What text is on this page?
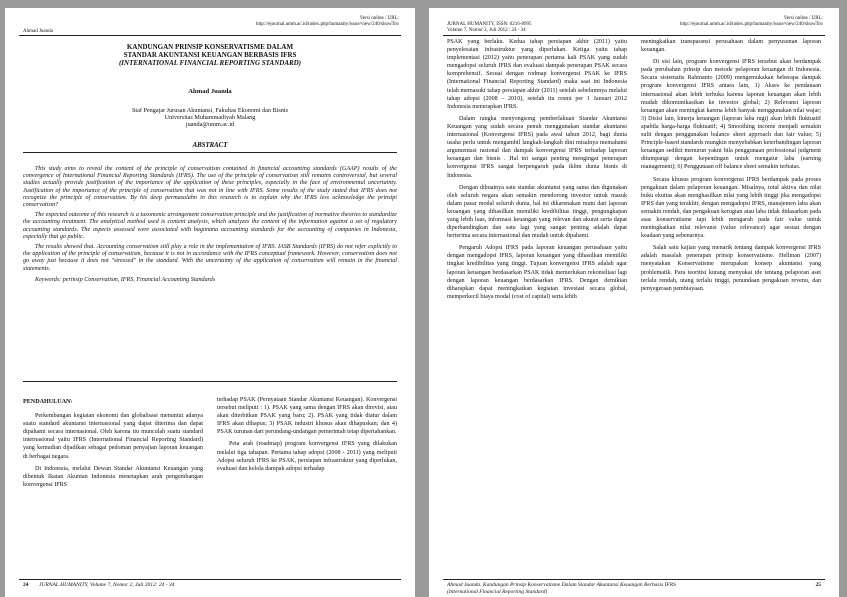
Versi online / URL:
http://ejournal.umm.ac.id/index.php/humanity/issue/view/240/showToc
Ahmad Juanda
KANDUNGAN PRINSIP KONSERVATISME DALAM
STANDAR AKUNTANSI KEUANGAN BERBASIS IFRS
(INTERNATIONAL FINANCIAL REPORTING STANDARD)
Ahmad Juanda
Staf Pengajar Jurusan Akuntansi, Fakultas Ekonomi dan Bisnis
Universitas Muhammadiyah Malang
juanda@umm.ac.id
ABSTRACT

This study aims to reveal the content of the principle of conservatism contained in financial accounting standards (GAAP) results of the convergence of International Financial Reporting Standards (IFRS). The use of the principle of conservatism still remains controversial, but several studies actually provide justification of the importance of the application of these principles, especially in the face of environmental uncertainty. Justification of the importance of the principle of conservatism that was not in line with IFRS. Some results of the study stated that IFRS does not recognize the principle of conservatism. By his deep permasalahn in this research is to explain why the IFRS less acknowledge the prinsipi conservatism?

The expected outcome of this research is a taxonomic arrangement conservatism principle and the justification of normative theories to standardize the accounting treatment. The analytical method used is content analysis, which analyzes the content of the information against a set of regulatory accounting standards. The aspects assessed were associated with bagimana accounting standards for the accounting of companies in Indonesia, especially that go public.

The results showed that. Accounting conservatism still play a role in the implementation of IFRS. IASB Standards (IFRS) do not refer explicitly to the application of the principle of conservatism, because it is not in accordance with the IFRS conceptual framework. However, conservatism does not go away just because it does not "stressed" in the standard. With the uncertainty of the application of conservatism will remain in the financial statements.

Keywords: perinsip Conservatism, IFRS, Financial Accounting Standards

PENDAHULUAN\

Perkembangan kegiatan ekonomi dan globalisasi menuntut adanya suatu standard akuntansi internasional yang dapat diterima dan dapat dipahami secara internasional. Oleh karena itu munculah suatu standard internasional yaitu IFRS (International Financial Reporting Standard) yang kemudian dijadikan sebagai pedoman penyajian laporan keuangan di berbagai negara.

Di Indonesia, melalui Dewan Standar Akuntansi Keuangan yang dibentuk Ikatan Akuntan Indonesia menetapkan arah pengembangan konvergensi IFRS

terhadap PSAK (Pernyataan Standar Akuntansi Keuangan). Konvergensi tersebut meliputi : 1). PSAK yang sama dengan IFRS akan direvisi, atau akan diterbitkan PSAK yang baru; 2). PSAK yang tidak diatur dalam IFRS akan dihapus; 3) PSAK industri khusus akan dihapuskan; dan 4) PSAK turunan dari perundang-undangan pemerintah tetap dipertahankan.

Peta arah (roadmap) program konvergensi IFRS yang dilakukan melalui tiga tahapan. Pertama tahap adopsi (2008 - 2011) yang meliputi Adopsi seluruh IFRS ke PSAK, persiapan infrastruktur yang diperlukan, evaluasi dan kelola dampak adopsi terhadap

24 JURNAL HUMANITY, Volume 7, Nomor 2, Juli 2012: 24 - 34
JURNAL HUMANITY, ISSN: 0216-8995
Volume 7, Nomor 2, Juli 2012 : 24 - 34
Versi online / URL:
http://ejournal.umm.ac.id/index.php/humanity/issue/view/240/showToc

PSAK yang berlaku. Kedua tahap persiapan akhir (2011) yaitu penyelesaian infrastruktur yang diperlukan. Ketiga yaitu tahap implementasi (2012) yaitu penerapan pertama kali PSAK yang sudah mengadopsi seluruh IFRS dan evaluasi dampak penerapan PSAK secara komprehensif. Sesuai dengan rodmap konvergensi PSAK ke IFRS (International Financial Reporting Standard) maka saat ini Indonesia telah memasuki tahap persiapan akhir (2011) setelah sebelumnya melalui tahap adopsi (2008 – 2010), setelah itu resmi per 1 Januari 2012 Indonesia menerapkan IFRS.

Dalam rangka menyongsong pemberlakuan Standar Akuntansi Keuangan yang sudah secara penuh menggunakan standar akuntansi internasional (Konvergensi IFRS) pada awal tahun 2012, bagi dunia usaha perlu untuk mengambil langkah-langkah dini misalnya memahami argumentasi rasional dan dampak konvergensi IFRS terhadap laporan keuangan dan bisnis . Hal ini sangat penting mengingat penerapan konvergensi IFRS sangat berpengaruh pada iklim dunia bisnis di Indonesia.

Dengan dibuatnya satu standar akuntansi yang sama dan digunakan oleh seluruh negara akan semakin mendorong investor untuk masuk dalam pasar modal seluruh dunia, hal ini dikarenakan mutu dari laporan keuangan yang dihasilkan memiliki kredibilitas tinggi, pengungkapan yang lebih luas, informasi keuangan yang relevan dan akurat serta dapat diperbandingkan dan satu lagi yang sangat penting adalah dapat berterima secara internasional dan mudah untuk dipahami.

Pengaruh Adopsi IFRS pada laporan keuangan perusahaan yaitu dengan mengadopsi IFRS, laporan keuangan yang dihasilkan memiliki tingkat kredibilitas yang tinggi. Tujuan konvergensi IFRS adalah agar laporan keuangan berdasarkan PSAK tidak memerlukan rekonsiliasi lagi dengan laporan keuangan berdasarkan IFRS. Dengan demikian diharapkan dapat meningkatkan kegiatan investasi secara global, memperkecil biaya modal (cost of capital) serta lebih

meningkatkan transparansi perusahaan dalam penyusunan laporan keuangan.

Di sisi lain, program konvergensi IFRS tersebut akan berdampak pada perubahan prinsip dan metode pelaporan keuangan di Indonesia. Secara sistematis Rahmanto (2009) mengemukakan beberapa dampak program konvergensi IFRS antara lain, 1) Akses ke pendanaan internasional akan lebih terbuka karena laporan keuangan akan lebih mudah dikomunikasikan ke investor global; 2) Relevansi laporan keuangan akan meningkat karena lebih banyak menggunakan nilai wajar; 3) Disisi lain, kinerja keuangan (laporan laba rugi) akan lebih fluktuatif apabila harga-harga fluktuatif; 4) Smoothing income menjadi semakin sulit dengan penggunakan balance sheet approach dan fair value; 5) Principle-based standards mungkin menyebabkan keterbandingan laporan keuangan sedikit menurun yakni bila penggunaan professional judgment ditumpangi dengan kepentingan untuk mengatur laba (earning management); 6) Penggunaan off balance sheet semakin terbatas.

Secara khusus program konvergensi IFRS berdampak pada proses pengakuan dalam pelaporan keuangan. Misalnya, total aktiva dan nilai buku ekuitas akan menghasilkan nilai yang lebih tinggi jika mengadopsi IFRS dan yang terakhir, dengan mengadopsi IFRS, manajemen laba akan semakin rendah, dan pengakuan kerugian atau laba tidak didasarkan pada asas konservatisme tapi lebih mengarah pada fair value untuk meningkatkan nilai relevansi (value relevance) agar sesuai dengan keadaan yang sebenarnya.

Salah satu kajian yang menarik tentang dampak konvergensi IFRS adalah masalah penerapan prinsip konservatisme. Hellman (2007) menyatakan Konservatisme merupakan konsep akuntansi yang problematik. Para teoritisi kurang menyukai ide tentang pelaporan aset terlalu rendah, utang terlalu tinggi, penundaan pengakuan revenu, dan penyegeraan pembiayaan.

Ahmad Juanda. Kandungan Prinsip Konservatisme Dalam Standar Akuntansi Keuangan Berbasis IFRS
(International Financial Reporting Standard)
25
